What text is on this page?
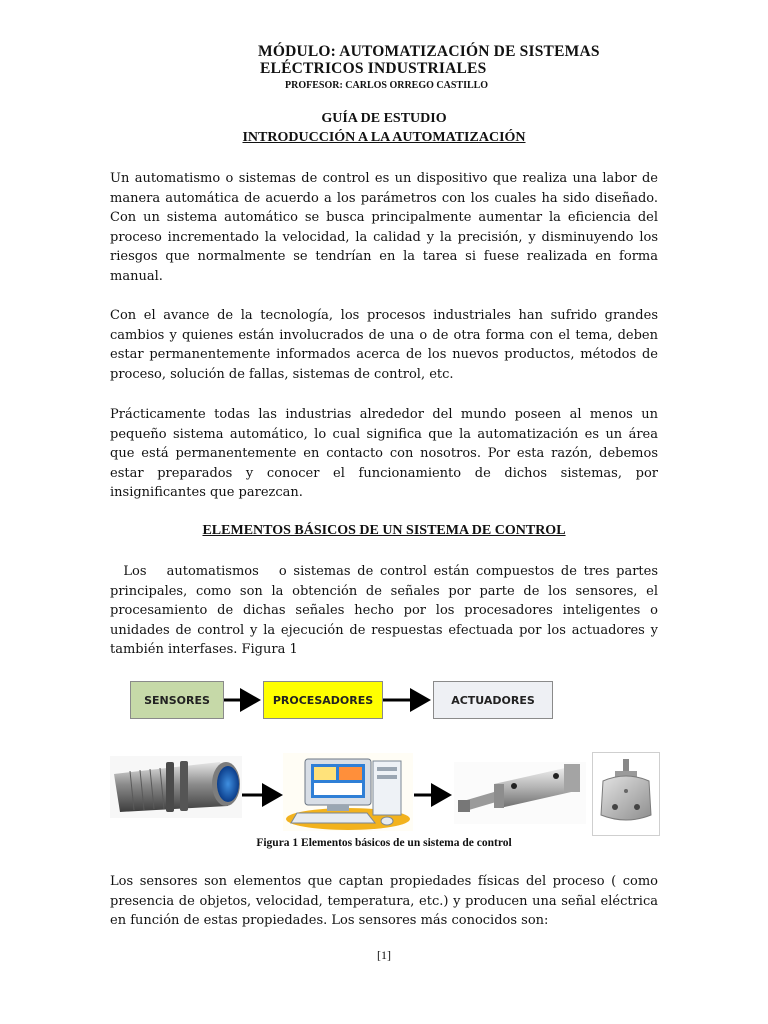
MÓDULO: AUTOMATIZACIÓN DE SISTEMAS
ELÉCTRICOS INDUSTRIALES
PROFESOR: CARLOS ORREGO CASTILLO
GUÍA DE ESTUDIO
INTRODUCCIÓN A LA AUTOMATIZACIÓN
Un automatismo o sistemas de control es un dispositivo que realiza una labor de manera automática de acuerdo a los parámetros con los cuales ha sido diseñado. Con un sistema automático se busca principalmente aumentar la eficiencia del proceso incrementado la velocidad, la calidad y la precisión, y disminuyendo los riesgos que normalmente se tendrían en la tarea si fuese realizada en forma manual.
Con el avance de la tecnología, los procesos industriales han sufrido grandes cambios y quienes están involucrados de una o de otra forma con el tema, deben estar permanentemente informados acerca de los nuevos productos, métodos de proceso, solución de fallas, sistemas de control, etc.
Prácticamente todas las industrias alrededor del mundo poseen al menos un pequeño sistema automático, lo cual significa que la automatización es un área que está permanentemente en contacto con nosotros. Por esta razón, debemos estar preparados y conocer el funcionamiento de dichos sistemas, por insignificantes que parezcan.
ELEMENTOS BÁSICOS DE UN SISTEMA DE CONTROL
Los   automatismos   o sistemas de control están compuestos de tres partes principales, como son la obtención de señales por parte de los sensores, el procesamiento de dichas señales hecho por los procesadores inteligentes o unidades de control y la ejecución de respuestas efectuada por los actuadores y también interfases. Figura 1
SENSORES	PROCESADORES	ACTUADORES
Figura 1 Elementos básicos de un sistema de control
Los sensores son elementos que captan propiedades físicas del proceso ( como presencia de objetos, velocidad, temperatura, etc.) y producen una señal eléctrica en función de estas propiedades. Los sensores más conocidos son:
[1]
